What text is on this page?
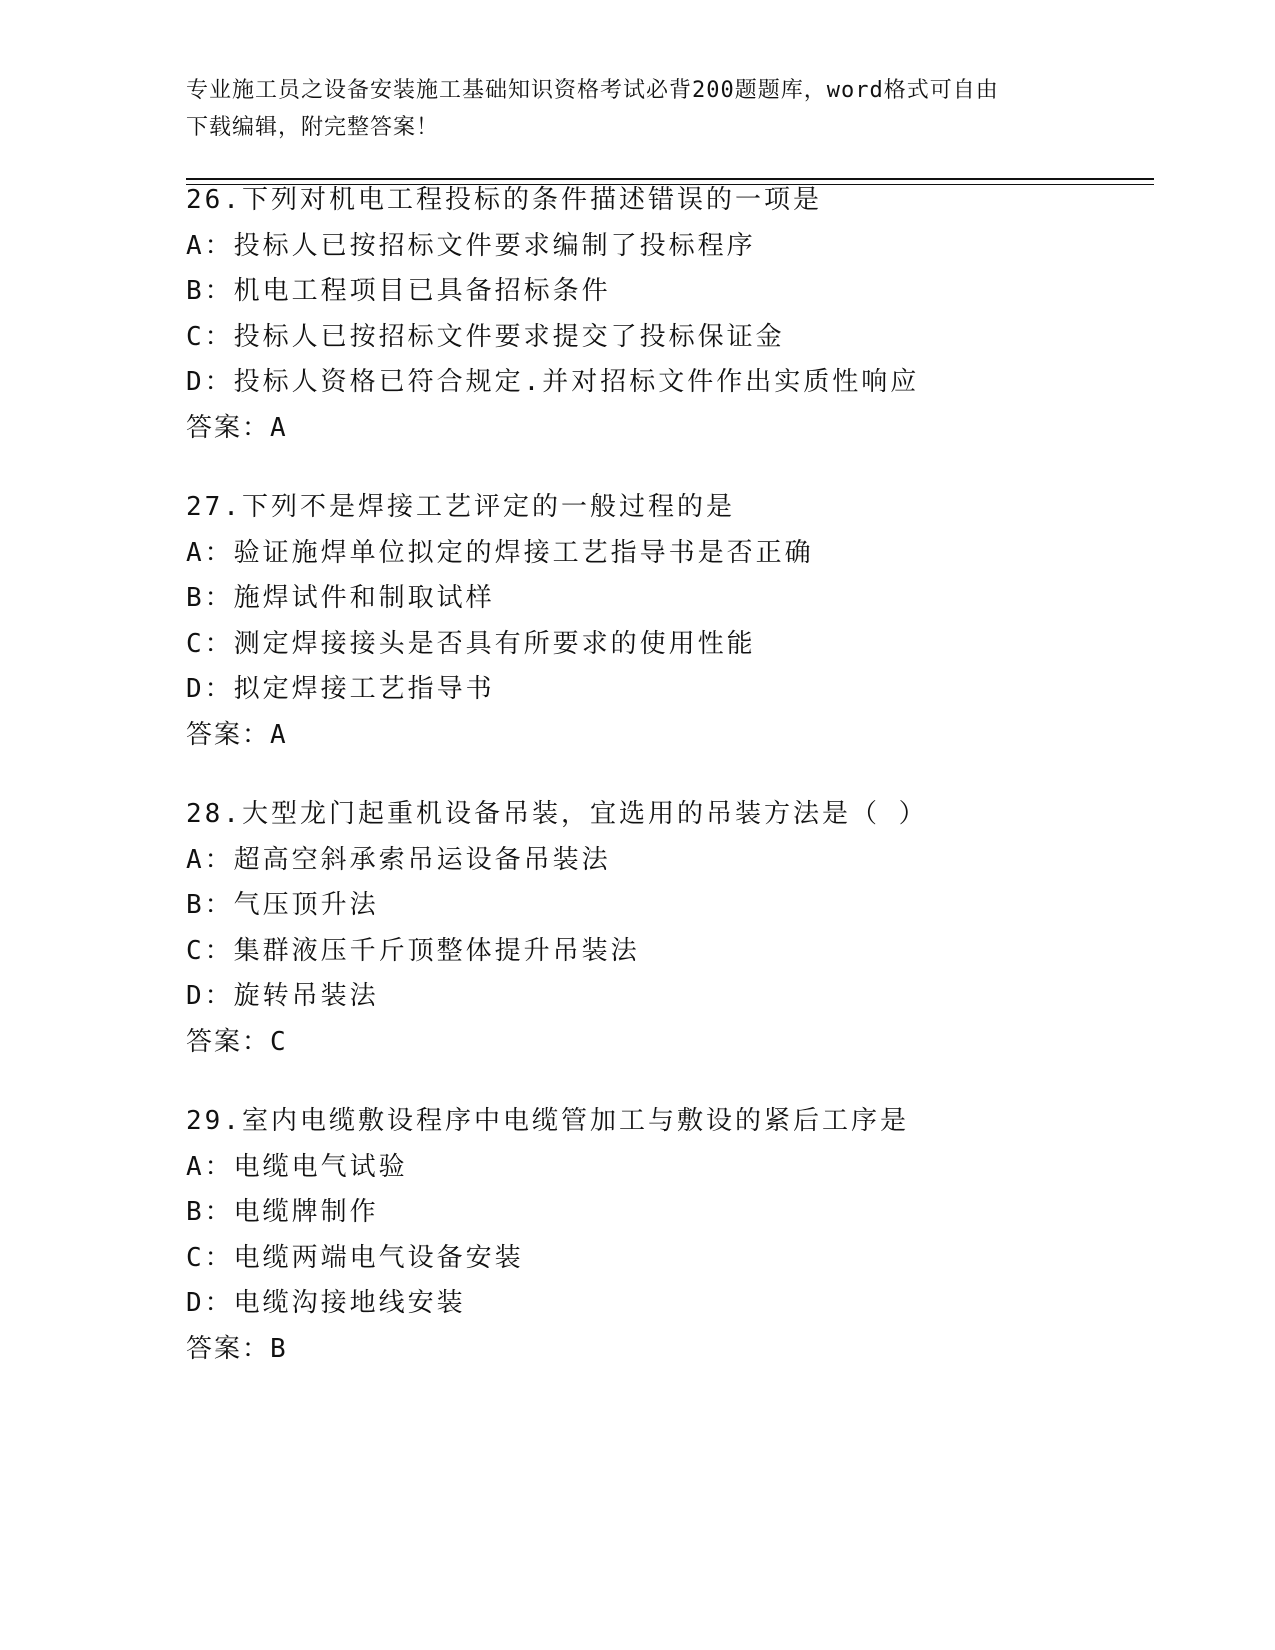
专业施工员之设备安装施工基础知识资格考试必背200题题库，word格式可自由
下载编辑，附完整答案！
26.下列对机电工程投标的条件描述错误的一项是
A：投标人已按招标文件要求编制了投标程序
B：机电工程项目已具备招标条件
C：投标人已按招标文件要求提交了投标保证金
D：投标人资格已符合规定.并对招标文件作出实质性响应
答案：A
27.下列不是焊接工艺评定的一般过程的是
A：验证施焊单位拟定的焊接工艺指导书是否正确
B：施焊试件和制取试样
C：测定焊接接头是否具有所要求的使用性能
D：拟定焊接工艺指导书
答案：A
28.大型龙门起重机设备吊装，宜选用的吊装方法是（ ）
A：超高空斜承索吊运设备吊装法
B：气压顶升法
C：集群液压千斤顶整体提升吊装法
D：旋转吊装法
答案：C
29.室内电缆敷设程序中电缆管加工与敷设的紧后工序是
A：电缆电气试验
B：电缆牌制作
C：电缆两端电气设备安装
D：电缆沟接地线安装
答案：B
